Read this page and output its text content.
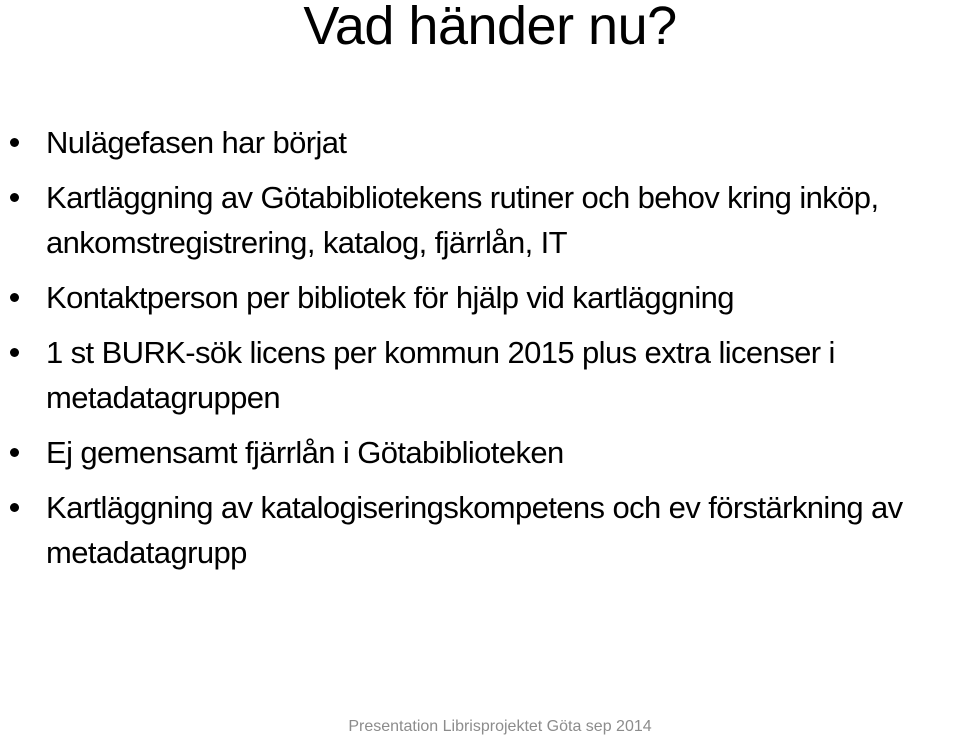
Vad händer nu?
Nulägefasen har börjat
Kartläggning av Götabibliotekens rutiner och behov kring inköp, ankomstregistrering, katalog, fjärrlån, IT
Kontaktperson per bibliotek för hjälp vid kartläggning
1 st BURK-sök licens per kommun 2015 plus extra licenser i metadatagruppen
Ej gemensamt fjärrlån i Götabiblioteken
Kartläggning av katalogiseringskompetens och ev förstärkning av metadatagrupp
Presentation Librisprojektet Göta sep 2014
